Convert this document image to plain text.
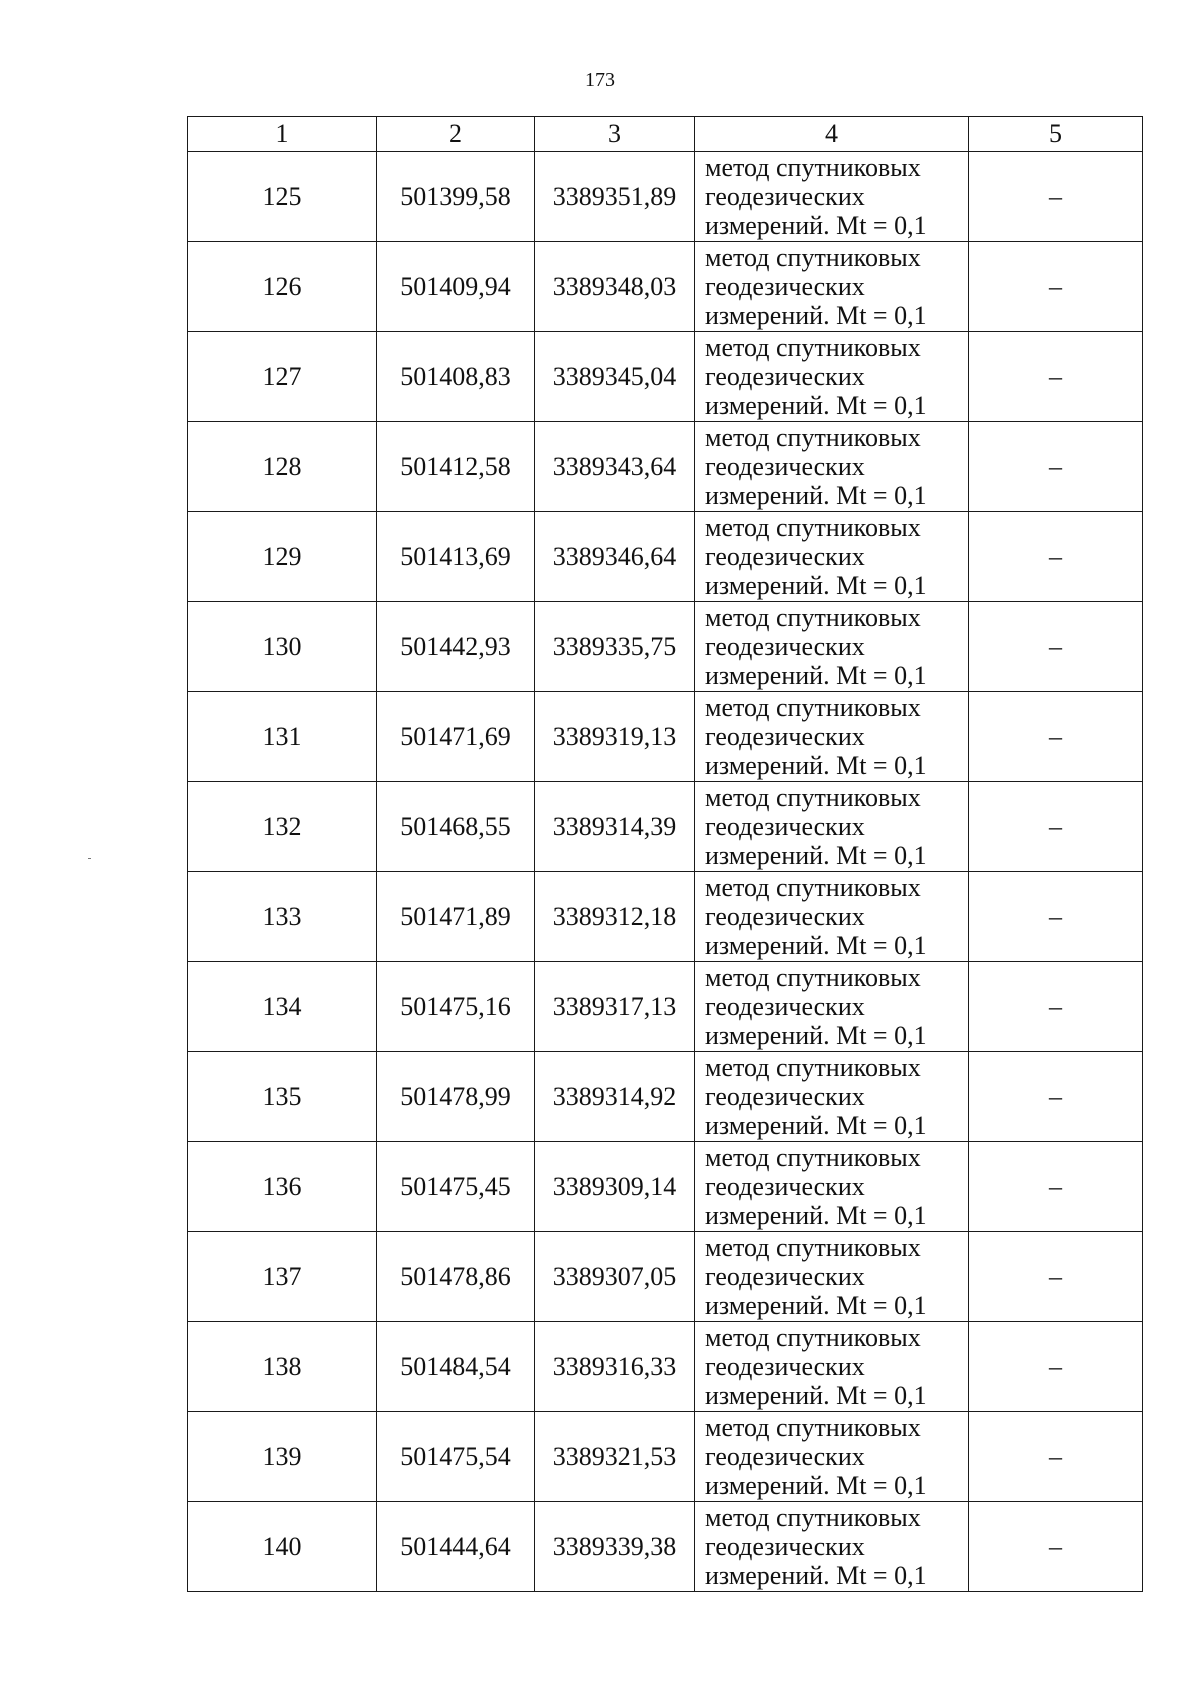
173
1	2	3	4	5
125	501399,58	3389351,89	метод спутниковых
геодезических
измерений. Mt = 0,1	–
126	501409,94	3389348,03	метод спутниковых
геодезических
измерений. Mt = 0,1	–
127	501408,83	3389345,04	метод спутниковых
геодезических
измерений. Mt = 0,1	–
128	501412,58	3389343,64	метод спутниковых
геодезических
измерений. Mt = 0,1	–
129	501413,69	3389346,64	метод спутниковых
геодезических
измерений. Mt = 0,1	–
130	501442,93	3389335,75	метод спутниковых
геодезических
измерений. Mt = 0,1	–
131	501471,69	3389319,13	метод спутниковых
геодезических
измерений. Mt = 0,1	–
132	501468,55	3389314,39	метод спутниковых
геодезических
измерений. Mt = 0,1	–
133	501471,89	3389312,18	метод спутниковых
геодезических
измерений. Mt = 0,1	–
134	501475,16	3389317,13	метод спутниковых
геодезических
измерений. Mt = 0,1	–
135	501478,99	3389314,92	метод спутниковых
геодезических
измерений. Mt = 0,1	–
136	501475,45	3389309,14	метод спутниковых
геодезических
измерений. Mt = 0,1	–
137	501478,86	3389307,05	метод спутниковых
геодезических
измерений. Mt = 0,1	–
138	501484,54	3389316,33	метод спутниковых
геодезических
измерений. Mt = 0,1	–
139	501475,54	3389321,53	метод спутниковых
геодезических
измерений. Mt = 0,1	–
140	501444,64	3389339,38	метод спутниковых
геодезических
измерений. Mt = 0,1	–
